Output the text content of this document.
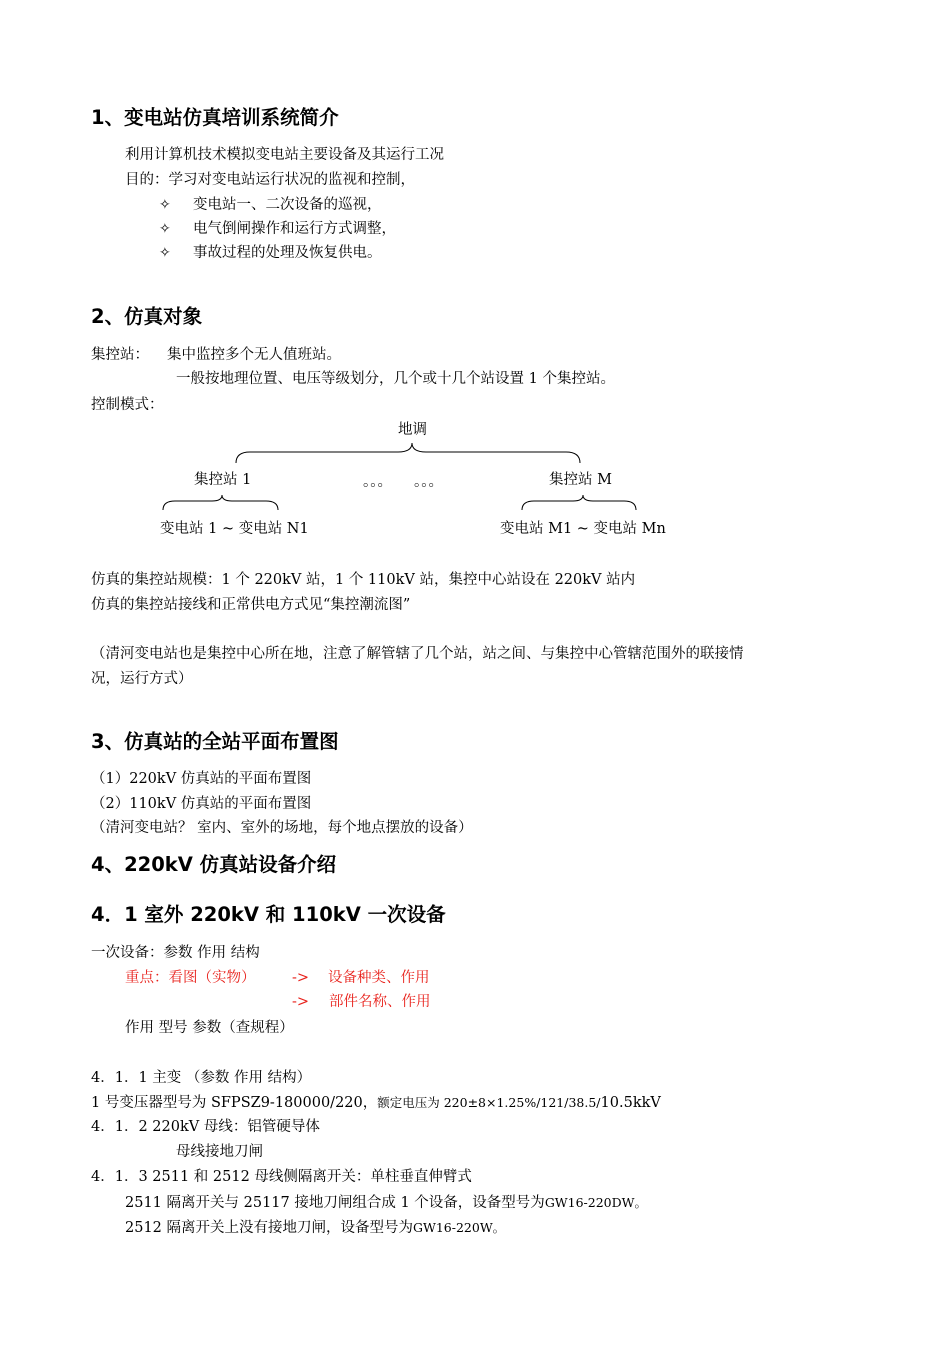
1、变电站仿真培训系统简介
利用计算机技术模拟变电站主要设备及其运行工况
目的：学习对变电站运行状况的监视和控制，
✧ 变电站一、二次设备的巡视，
✧ 电气倒闸操作和运行方式调整，
✧ 事故过程的处理及恢复供电。
2、仿真对象
集控站： 集中监控多个无人值班站。
一般按地理位置、电压等级划分，几个或十几个站设置 1 个集控站。
控制模式：
地调
集控站 1	。。。 。。。	集控站 M
变电站 1 ~ 变电站 N1	变电站 M1 ~ 变电站 Mn
仿真的集控站规模：1 个 220kV 站，1 个 110kV 站，集控中心站设在 220kV 站内
仿真的集控站接线和正常供电方式见“集控潮流图”
（清河变电站也是集控中心所在地，注意了解管辖了几个站，站之间、与集控中心管辖范围外的联接情
况，运行方式）
3、仿真站的全站平面布置图
（1）220kV 仿真站的平面布置图
（2）110kV 仿真站的平面布置图
（清河变电站？ 室内、室外的场地，每个地点摆放的设备）
4、220kV 仿真站设备介绍
4．1 室外 220kV 和 110kV 一次设备
一次设备：参数 作用 结构
重点：看图（实物）	-> 设备种类、作用
-> 部件名称、作用
作用 型号 参数（查规程）
4．1．1 主变 （参数 作用 结构）
1 号变压器型号为 SFPSZ9-180000/220，额定电压为 220±8×1.25%/121/38.5/10.5kkV
4．1．2 220kV 母线：铝管硬导体
母线接地刀闸
4．1．3 2511 和 2512 母线侧隔离开关：单柱垂直伸臂式
2511 隔离开关与 25117 接地刀闸组合成 1 个设备，设备型号为GW16-220DW。
2512 隔离开关上没有接地刀闸，设备型号为GW16-220W。
